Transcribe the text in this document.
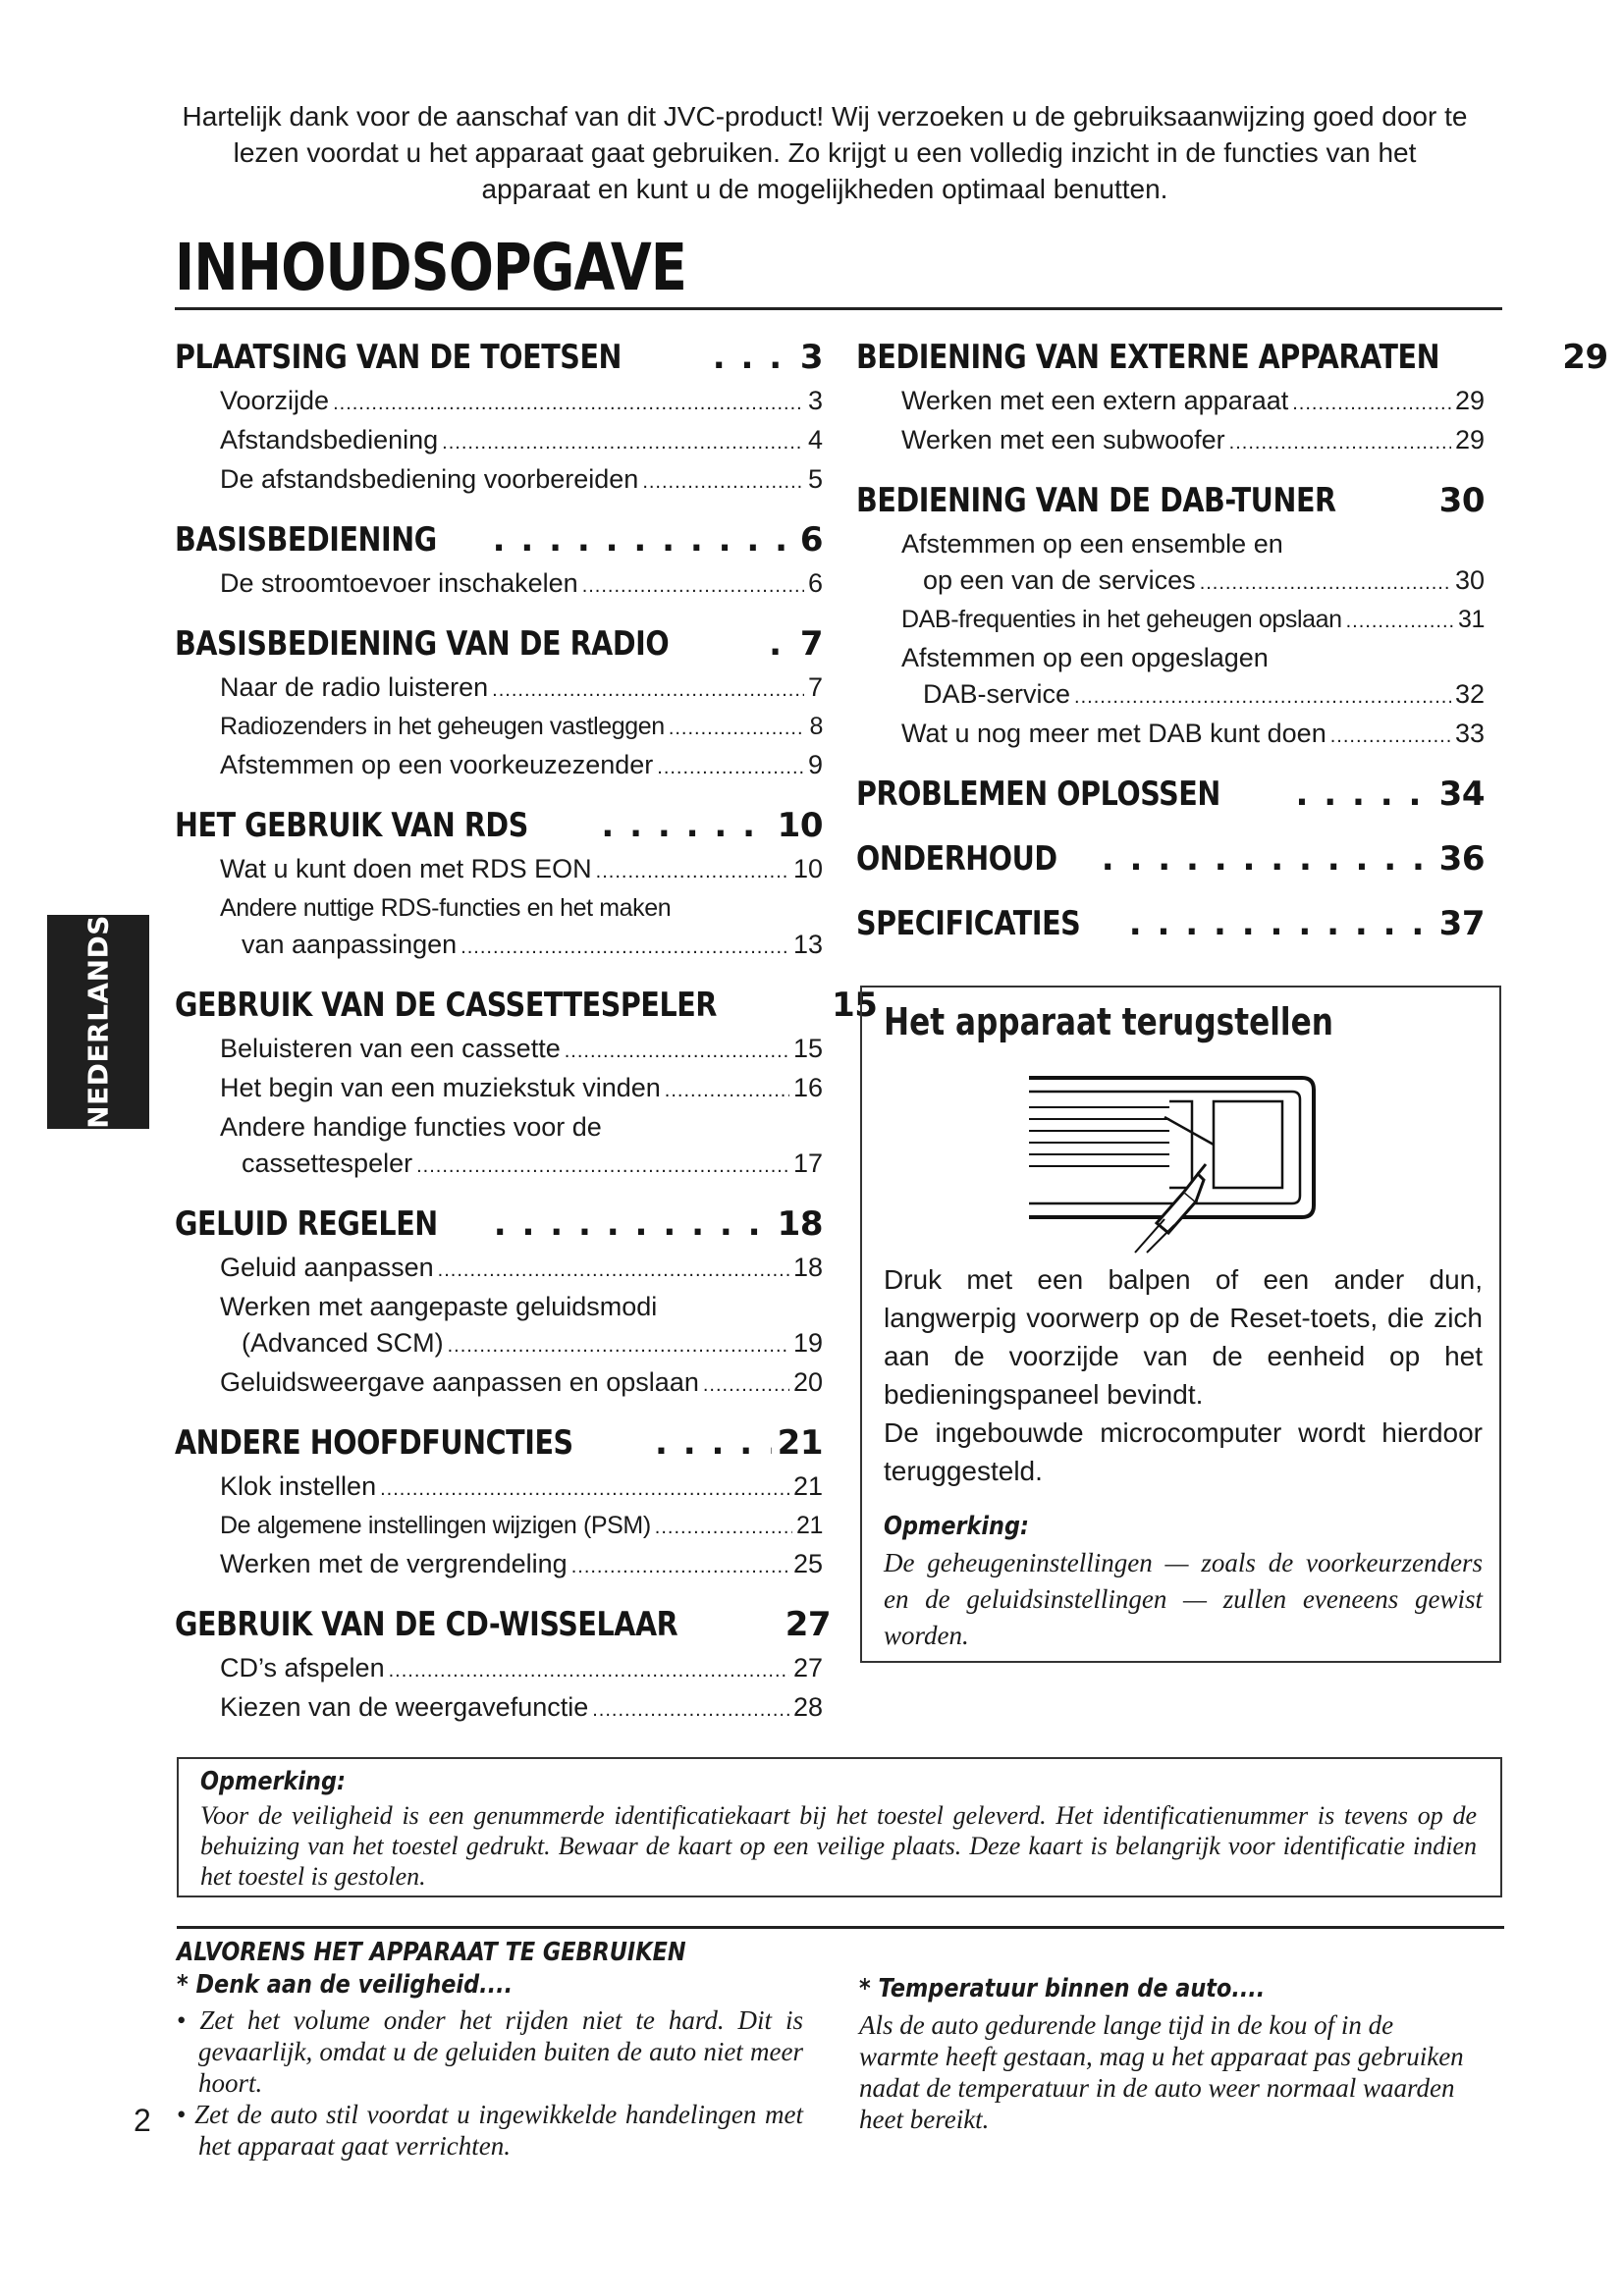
Hartelijk dank voor de aanschaf van dit JVC-product! Wij verzoeken u de gebruiksaanwijzing goed door te lezen voordat u het apparaat gaat gebruiken. Zo krijgt u een volledig inzicht in de functies van het apparaat en kunt u de mogelijkheden optimaal benutten.

INHOUDSOPGAVE
PLAATSING VAN DE TOETSEN . . .	3
Voorzijde .....	3
Afstandsbediening .....	4
De afstandsbediening voorbereiden .....	5
BASISBEDIENING . . .	6
De stroomtoevoer inschakelen .....	6
BASISBEDIENING VAN DE RADIO . . .	7
Naar de radio luisteren .....	7
Radiozenders in het geheugen vastleggen .....	8
Afstemmen op een voorkeuzezender .....	9
HET GEBRUIK VAN RDS . . .	10
Wat u kunt doen met RDS EON .....	10
Andere nuttige RDS-functies en het maken
van aanpassingen .....	13
GEBRUIK VAN DE CASSETTESPELER	15
Beluisteren van een cassette .....	15
Het begin van een muziekstuk vinden .....	16
Andere handige functies voor de
cassettespeler .....	17
GELUID REGELEN . . .	18
Geluid aanpassen .....	18
Werken met aangepaste geluidsmodi
(Advanced SCM) .....	19
Geluidsweergave aanpassen en opslaan .....	20
ANDERE HOOFDFUNCTIES . . .	21
Klok instellen .....	21
De algemene instellingen wijzigen (PSM) .....	21
Werken met de vergrendeling .....	25
GEBRUIK VAN DE CD-WISSELAAR	27
CD’s afspelen .....	27
Kiezen van de weergavefunctie .....	28
BEDIENING VAN EXTERNE APPARATEN	29
Werken met een extern apparaat .....	29
Werken met een subwoofer .....	29
BEDIENING VAN DE DAB-TUNER	30
Afstemmen op een ensemble en
op een van de services .....	30
DAB-frequenties in het geheugen opslaan .....	31
Afstemmen op een opgeslagen
DAB-service .....	32
Wat u nog meer met DAB kunt doen .....	33
PROBLEMEN OPLOSSEN . . .	34
ONDERHOUD . . .	36
SPECIFICATIES . . .	37
NEDERLANDS	Het apparaat terugstellen

Druk met een balpen of een ander dun, langwerpig voorwerp op de Reset-toets, die zich aan de voorzijde van de eenheid op het bedieningspaneel bevindt.
De ingebouwde microcomputer wordt hierdoor teruggesteld.

Opmerking:

De geheugeninstellingen — zoals de voorkeurzenders en de geluidsinstellingen — zullen eveneens gewist worden.

Opmerking:

Voor de veiligheid is een genummerde identificatiekaart bij het toestel geleverd. Het identificatienummer is tevens op de behuizing van het toestel gedrukt. Bewaar de kaart op een veilige plaats. Deze kaart is belangrijk voor identificatie indien het toestel is gestolen.

ALVORENS HET APPARAAT TE GEBRUIKEN
* Denk aan de veiligheid....
• Zet het volume onder het rijden niet te hard. Dit is gevaarlijk, omdat u de geluiden buiten de auto niet meer hoort.
• Zet de auto stil voordat u ingewikkelde handelingen met het apparaat gaat verrichten.
* Temperatuur binnen de auto....

Als de auto gedurende lange tijd in de kou of in de warmte heeft gestaan, mag u het apparaat pas gebruiken nadat de temperatuur in de auto weer normaal waarden heet bereikt.

2
